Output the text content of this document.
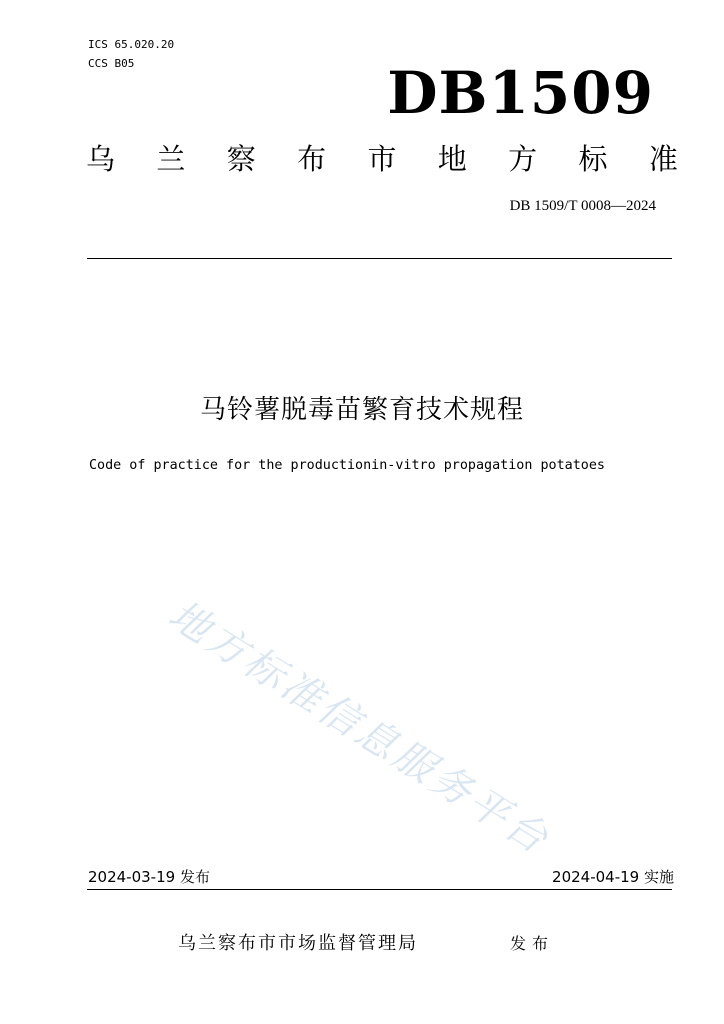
ICS 65.020.20
CCS B05	DB1509
乌 兰 察 布 市 地 方 标 准
DB 1509/T 0008—2024
马铃薯脱毒苗繁育技术规程
Code of practice for the productionin-vitro propagation potatoes
地方标准信息服务平台
2024-03-19 发布	2024-04-19 实施
乌兰察布市市场监督管理局	发布
